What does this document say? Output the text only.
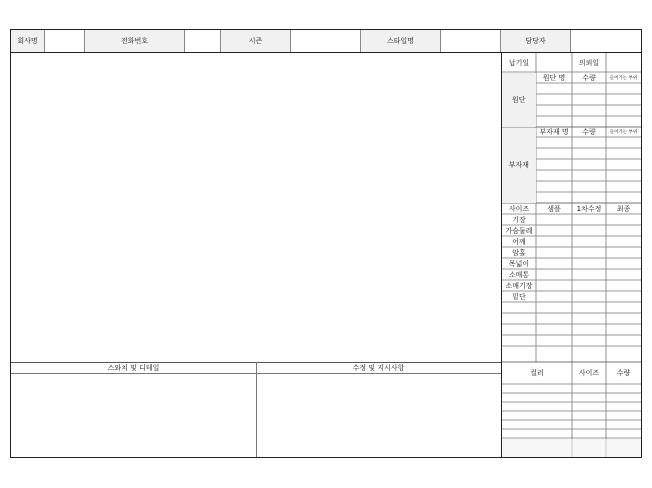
회사명	전화번호	시즌	스타일명	담당자
스와치 및 디테일	수정 및 지시사항
납기일	의뢰일
원단
원단 명	수량	들어가는 부위
부자재
부자재 명	수량	들어가는 부위
사이즈	샘플	1차수정	최종
기장
가슴둘레
어깨
암홀
목넓이
소매통
소매기장
밑단
컬러	사이즈	수량
